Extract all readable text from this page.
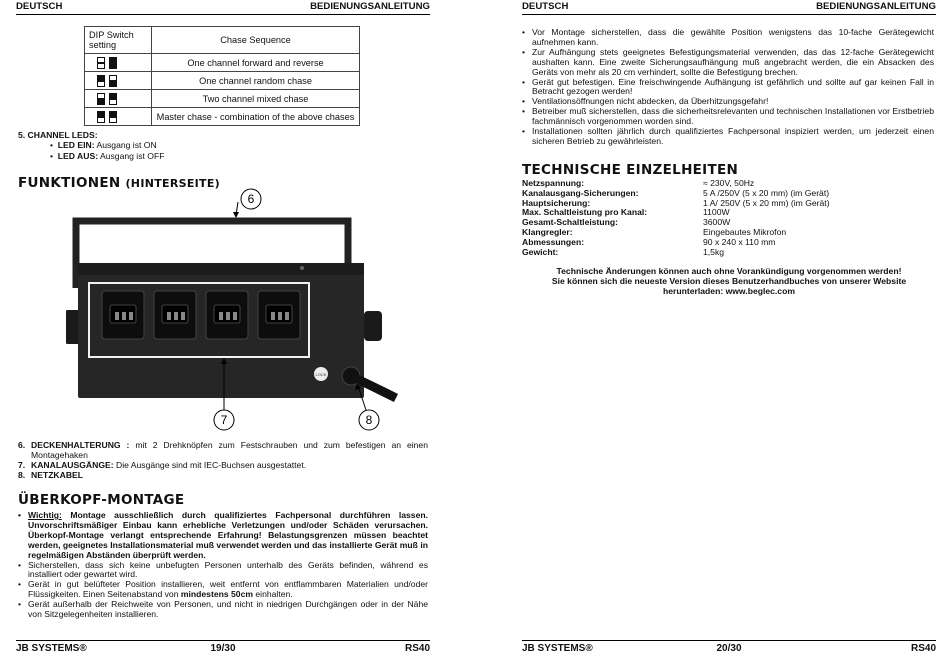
DEUTSCH	BEDIENUNGSANLEITUNG
DIP Switch
setting	Chase Sequence

	One channel forward and reverse

	One channel random chase

	Two channel mixed chase

	Master chase - combination of the above chases
5. CHANNEL LEDS:
•  LED EIN: Ausgang ist ON
•  LED AUS: Ausgang ist OFF
FUNKTIONEN (HINTERSEITE)
LOCK
6
7	8
6. DECKENHALTERUNG : mit 2 Drehknöpfen zum Festschrauben und zum befestigen an einen Montagehaken
7. KANALAUSGÄNGE: Die Ausgänge sind mit IEC-Buchsen ausgestattet.
8. NETZKABEL
ÜBERKOPF-MONTAGE
• Wichtig: Montage ausschließlich durch qualifiziertes Fachpersonal durchführen lassen. Unvorschriftsmäßiger Einbau kann erhebliche Verletzungen und/oder Schäden verursachen. Überkopf-Montage verlangt entsprechende Erfahrung! Belastungsgrenzen müssen beachtet werden, geeignetes Installationsmaterial muß verwendet werden und das installierte Gerät muß in regelmäßigen Abständen überprüft werden.
• Sicherstellen, dass sich keine unbefugten Personen unterhalb des Geräts befinden, während es installiert oder gewartet wird.
• Gerät in gut belüfteter Position installieren, weit entfernt von entflammbaren Materialien und/oder Flüssigkeiten. Einen Seitenabstand von mindestens 50cm einhalten.
• Gerät außerhalb der Reichweite von Personen, und nicht in niedrigen Durchgängen oder in der Nähe von Sitzgelegenheiten installieren.
JB SYSTEMS®	19/30	RS40
DEUTSCH	BEDIENUNGSANLEITUNG
• Vor Montage sicherstellen, dass die gewählte Position wenigstens das 10-fache Gerätegewicht aufnehmen kann.
• Zur Aufhängung stets geeignetes Befestigungsmaterial verwenden, das das 12-fache Gerätegewicht aushalten kann. Eine zweite Sicherungsaufhängung muß angebracht werden, die ein Absacken des Geräts von mehr als 20 cm verhindert, sollte die Befestigung brechen.
• Gerät gut befestigen. Eine freischwingende Aufhängung ist gefährlich und sollte auf gar keinen Fall in Betracht gezogen werden!
• Ventilationsöffnungen nicht abdecken, da Überhitzungsgefahr!
• Betreiber muß sicherstellen, dass die sicherheitsrelevanten und technischen Installationen vor Erstbetrieb fachmännisch vorgenommen worden sind.
• Installationen sollten jährlich durch qualifiziertes Fachpersonal inspiziert werden, um jederzeit einen sicheren Betrieb zu gewährleisten.
TECHNISCHE EINZELHEITEN
Netzspannung:	≈ 230V, 50Hz
Kanalausgang-Sicherungen:	5 A /250V (5 x 20 mm) (im Gerät)
Hauptsicherung:	1 A/ 250V (5 x 20 mm) (im Gerät)
Max. Schaltleistung pro Kanal:	1100W
Gesamt-Schaltleistung:	3600W
Klangregler:	Eingebautes Mikrofon
Abmessungen:	90 x 240 x 110 mm
Gewicht:	1,5kg
Technische Änderungen können auch ohne Vorankündigung vorgenommen werden!
Sie können sich die neueste Version dieses Benutzerhandbuches von unserer Website
herunterladen: www.beglec.com
JB SYSTEMS®	20/30	RS40
